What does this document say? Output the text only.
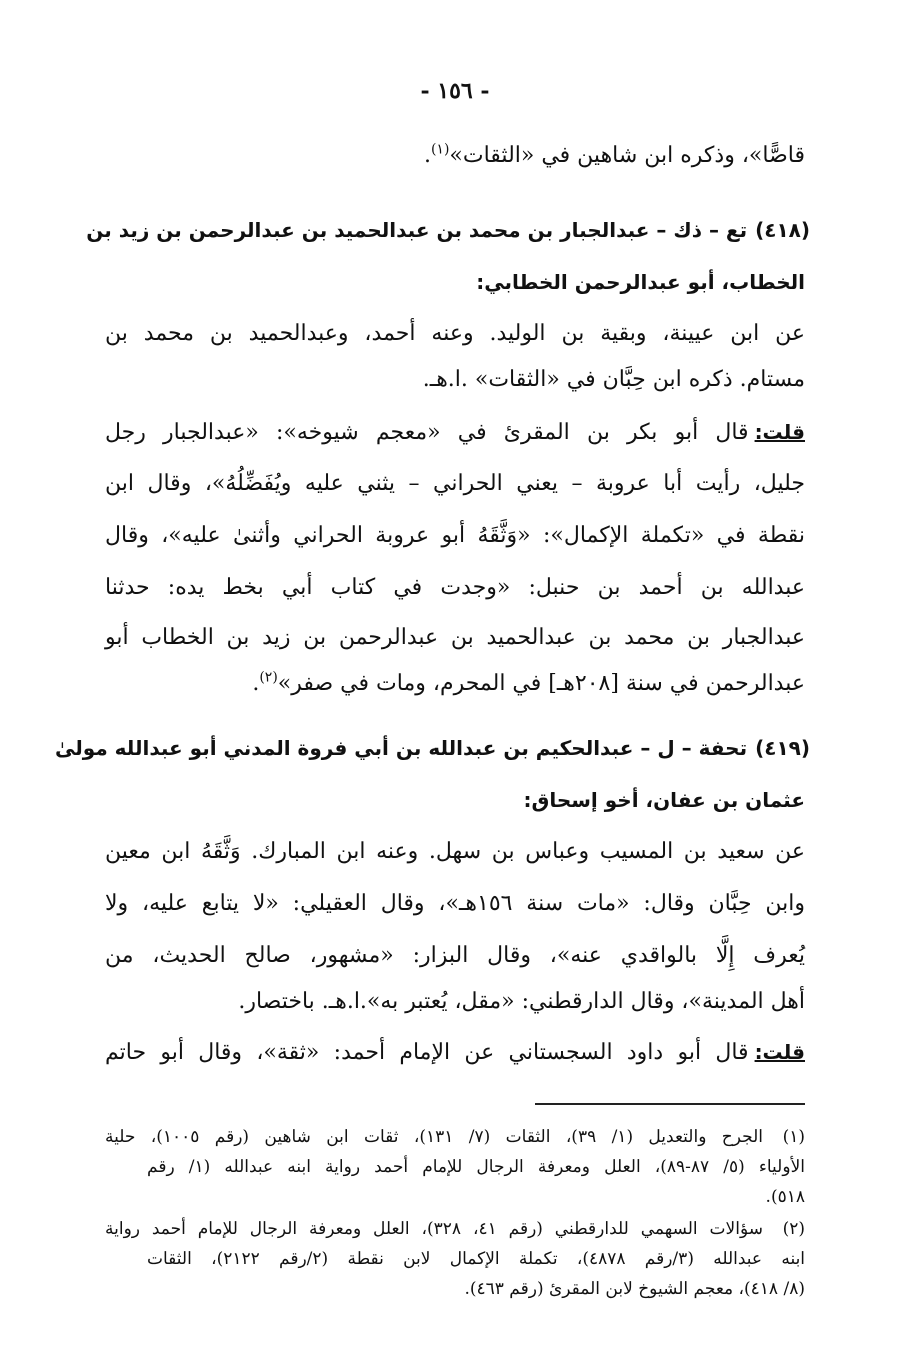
- ١٥٦ -
قاصًّا»، وذكره ابن شاهين في «الثقات»$^{(١)}$.
(٤١٨)تع – ذك – عبدالجبار بن محمد بن عبدالحميد بن عبدالرحمن بن زيد بن
الخطاب، أبو عبدالرحمن الخطابي:
عن ابن عيينة، وبقية بن الوليد. وعنه أحمد، وعبدالحميد بن محمد بن
مستام. ذكره ابن حِبَّان في «الثقات» .ا.هـ.
قلت:قال أبو بكر بن المقرئ في «معجم شيوخه»: «عبدالجبار رجل
جليل، رأيت أبا عروبة – يعني الحراني – يثني عليه ويُفَضِّلُهُ»، وقال ابن
نقطة في «تكملة الإكمال»: «وَثَّقَهُ أبو عروبة الحراني وأثنىٰ عليه»، وقال
عبدالله بن أحمد بن حنبل: «وجدت في كتاب أبي بخط يده: حدثنا
عبدالجبار بن محمد بن عبدالحميد بن عبدالرحمن بن زيد بن الخطاب أبو
عبدالرحمن في سنة [٢٠٨هـ] في المحرم، ومات في صفر»$^{(٢)}$.
(٤١٩)تحفة – ل – عبدالحكيم بن عبدالله بن أبي فروة المدني أبو عبدالله مولىٰ
عثمان بن عفان، أخو إسحاق:
عن سعيد بن المسيب وعباس بن سهل. وعنه ابن المبارك. وَثَّقَهُ ابن معين
وابن حِبَّان وقال: «مات سنة ١٥٦هـ»، وقال العقيلي: «لا يتابع عليه، ولا
يُعرف إِلَّا بالواقدي عنه»، وقال البزار: «مشهور، صالح الحديث، من
أهل المدينة»، وقال الدارقطني: «مقل، يُعتبر به».ا.هـ. باختصار.
قلت:قال أبو داود السجستاني عن الإمام أحمد: «ثقة»، وقال أبو حاتم
(١)الجرح والتعديل (١/ ٣٩)، الثقات (٧/ ١٣١)، ثقات ابن شاهين (رقم ١٠٠٥)، حلية
الأولياء (٥/ ٨٧-٨٩)، العلل ومعرفة الرجال للإمام أحمد رواية ابنه عبدالله (١/ رقم
٥١٨).
(٢)سؤالات السهمي للدارقطني (رقم ٤١، ٣٢٨)، العلل ومعرفة الرجال للإمام أحمد رواية
ابنه عبدالله (٣/رقم ٤٨٧٨)، تكملة الإكمال لابن نقطة (٢/رقم ٢١٢٢)، الثقات
(٨/ ٤١٨)، معجم الشيوخ لابن المقرئ (رقم ٤٦٣).
